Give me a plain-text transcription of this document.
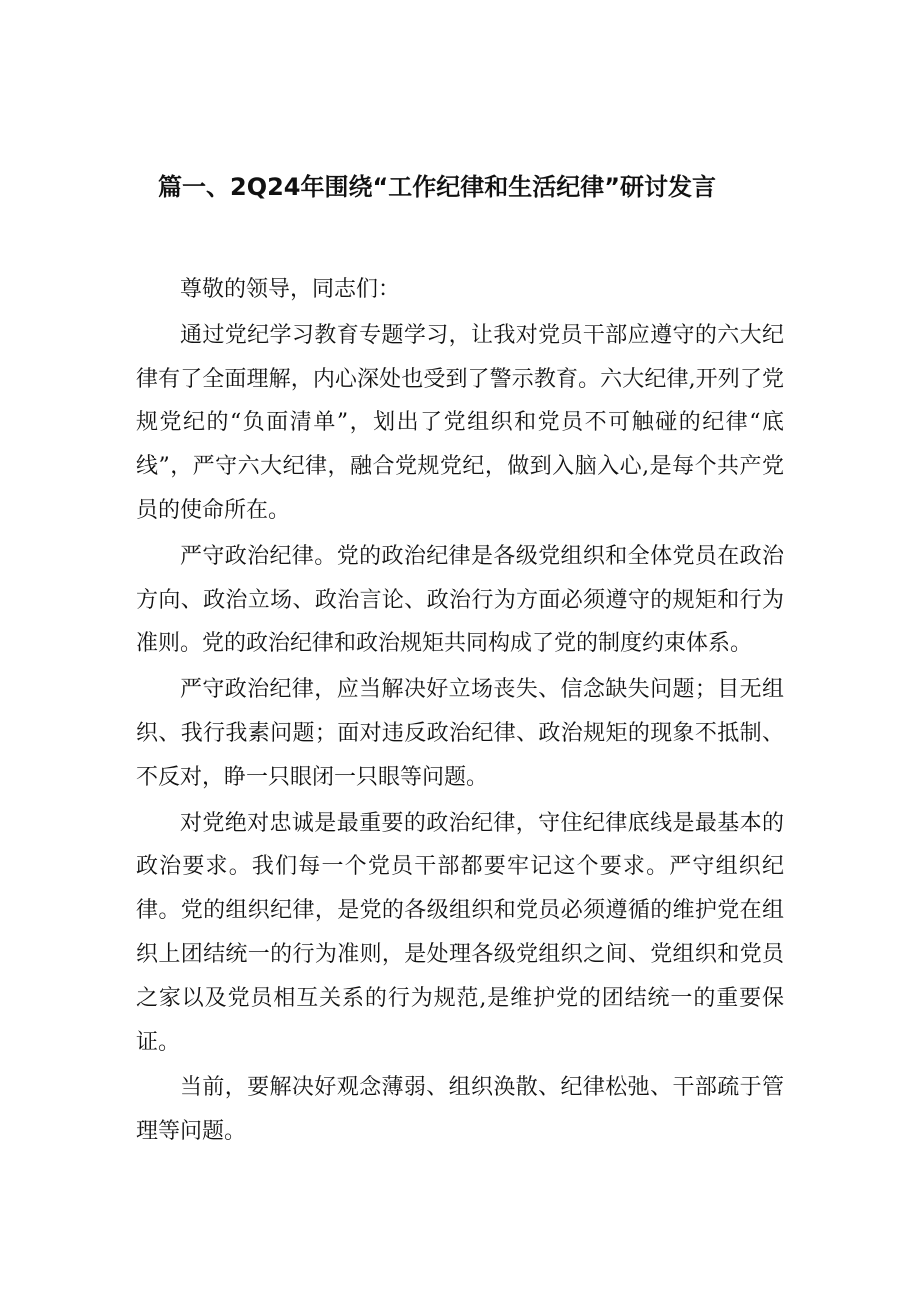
篇一、2Q24年围绕“工作纪律和生活纪律”研讨发言

尊敬的领导，同志们：

通过党纪学习教育专题学习，让我对党员干部应遵守的六大纪律有了全面理解，内心深处也受到了警示教育。六大纪律,开列了党规党纪的“负面清单”，划出了党组织和党员不可触碰的纪律“底线”，严守六大纪律，融合党规党纪，做到入脑入心,是每个共产党员的使命所在。

严守政治纪律。党的政治纪律是各级党组织和全体党员在政治方向、政治立场、政治言论、政治行为方面必须遵守的规矩和行为准则。党的政治纪律和政治规矩共同构成了党的制度约束体系。

严守政治纪律，应当解决好立场丧失、信念缺失问题；目无组织、我行我素问题；面对违反政治纪律、政治规矩的现象不抵制、不反对，睁一只眼闭一只眼等问题。

对党绝对忠诚是最重要的政治纪律，守住纪律底线是最基本的政治要求。我们每一个党员干部都要牢记这个要求。严守组织纪律。党的组织纪律，是党的各级组织和党员必须遵循的维护党在组织上团结统一的行为准则，是处理各级党组织之间、党组织和党员之家以及党员相互关系的行为规范,是维护党的团结统一的重要保证。

当前，要解决好观念薄弱、组织涣散、纪律松弛、干部疏于管理等问题。
